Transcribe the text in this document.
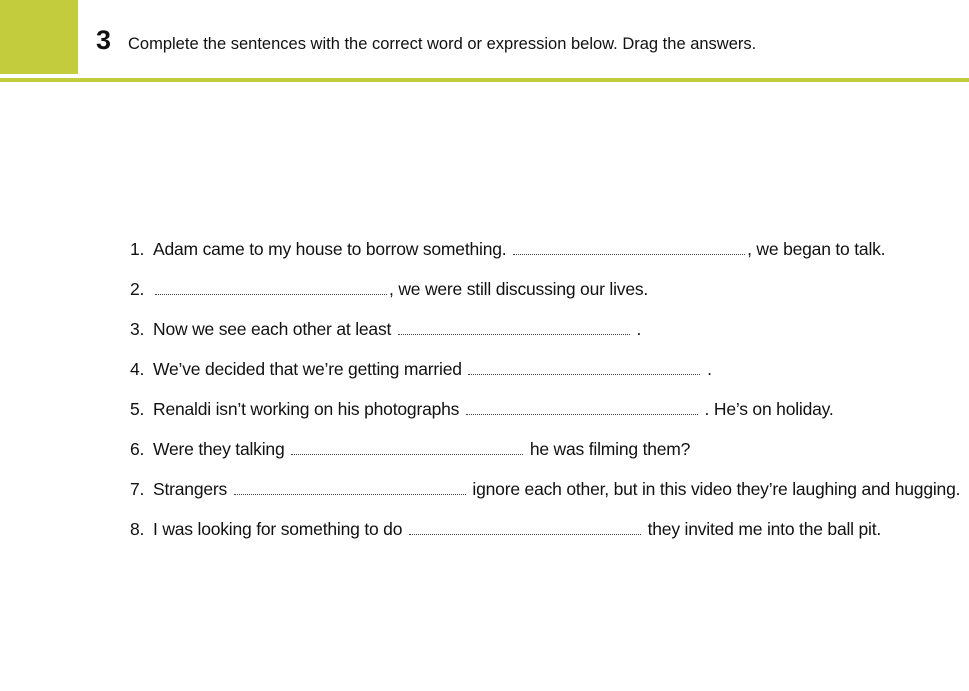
3 Complete the sentences with the correct word or expression below. Drag the answers.
1. Adam came to my house to borrow something.	, we began to talk.
2.	, we were still discussing our lives.
3. Now we see each other at least	.
4. We’ve decided that we’re getting married	.
5. Renaldi isn’t working on his photographs	. He’s on holiday.
6. Were they talking	he was filming them?
7. Strangers	ignore each other, but in this video they’re laughing and hugging.
8. I was looking for something to do	they invited me into the ball pit.
